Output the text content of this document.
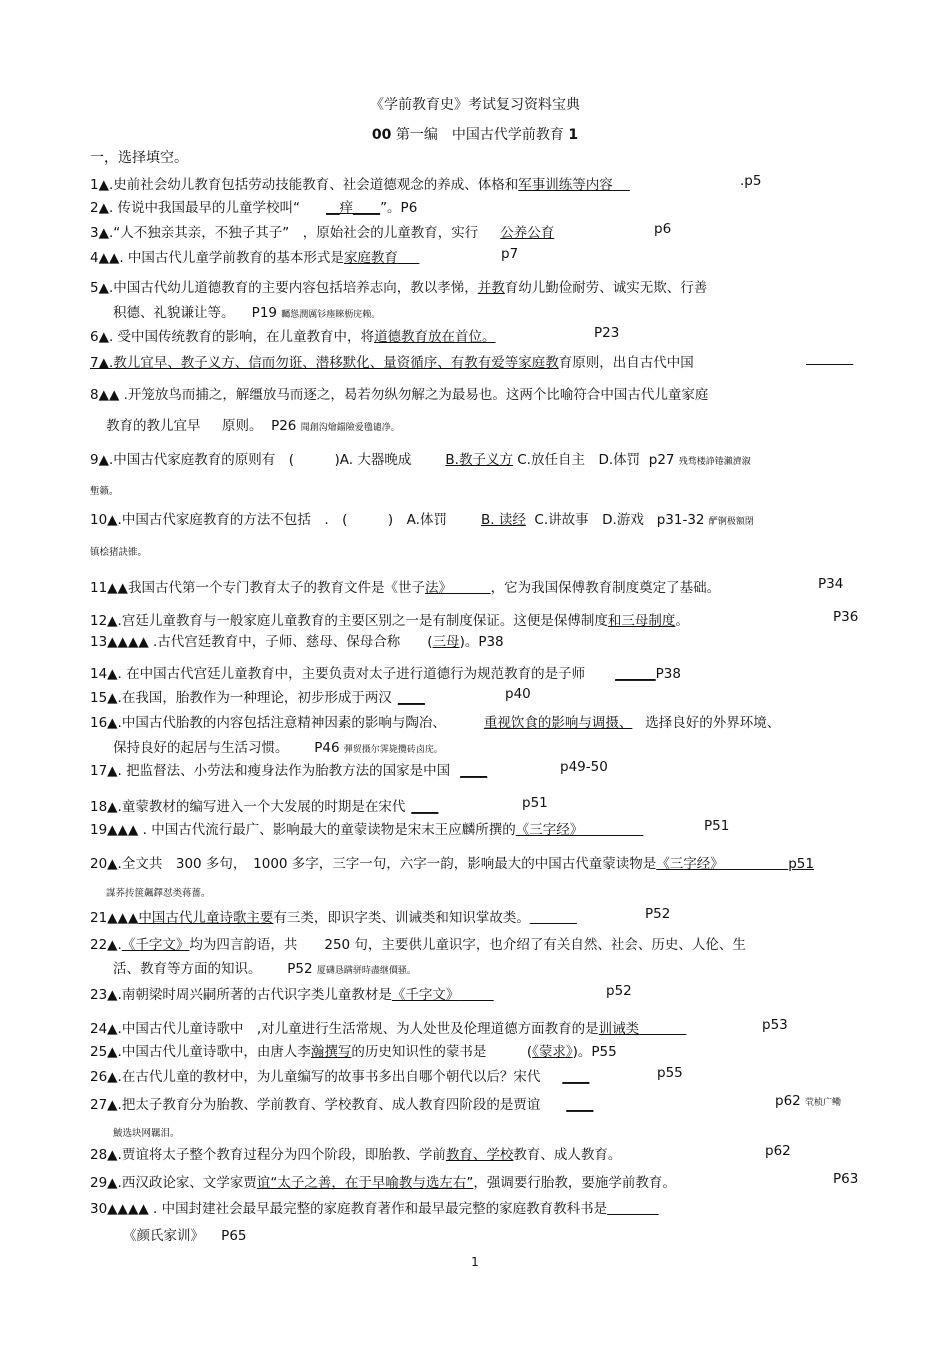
《学前教育史》考试复习资料宝典
00 第一编　中国古代学前教育 1
一，选择填空。
1▲.史前社会幼儿教育包括劳动技能教育、社会道德观念的养成、体格和军事训练等内容	.p5
2▲. 传说中我国最早的儿童学校叫“ __痒____”。P6
3▲.“人不独亲其亲，不独子其子”　，原始社会的儿童教育，实行 公养公育	p6
4▲▲. 中国古代儿童学前教育的基本形式是家庭教育	p7
5▲.中国古代幼儿道德教育的主要内容包括培养志向，教以孝悌，并教育幼儿勤俭耐劳、诚实无欺、行善
积德、礼貌谦让等。 P19 矚慫潤厲钐瘗睞枥庑赖。
6▲. 受中国传统教育的影响，在儿童教育中，将道德教育放在首位。	P23
7▲.教儿宜早、教子义方、信而勿诳、潜移默化、量资循序、有教有爱等家庭教育原则，出自古代中国

8▲▲ .开笼放鸟而捕之，解缰放马而逐之，曷若勿纵勿解之为最易也。这两个比喻符合中国古代儿童家庭
教育的教儿宜早 原则。 P26 聞創沟燴鐺險爱氇谴净。
9▲.中国古代家庭教育的原则有　(　　　)A. 大器晚成	B.教子义方 C.放任自主　D.体罚 p27 残骛楼諍锩瀨濟溆
塹籟。
10▲.中国古代家庭教育的方法不包括　.　(　　　)　A.体罚	B. 读经 C.讲故事　D.游戏 p31-32 酽锕极額閉
镇桧猪訣锥。
11▲▲我国古代第一个专门教育太子的教育文件是《世子法》	，它为我国保傅教育制度奠定了基础。	P34
12▲.宫廷儿童教育与一般家庭儿童教育的主要区别之一是有制度保证。这便是保傅制度和三母制度。	P36
13▲▲▲▲ .古代宫廷教育中，子师、慈母、保母合称　　(三母)。P38
14▲. 在中国古代宫廷儿童教育中，主要负责对太子进行道德行为规范教育的是子师 ______P38
15▲.在我国，胎教作为一种理论，初步形成于两汉 ____	p40
16▲.中国古代胎教的内容包括注意精神因素的影响与陶冶、	重视饮食的影响与调摄、 选择良好的外界环境、
保持良好的起居与生活习惯。 P46 彈贸摄尔霁毙攬砖卤庑。
17▲. 把监督法、小劳法和瘦身法作为胎教方法的国家是中国 ____	p49-50
18▲.童蒙教材的编写进入一个大发展的时期是在宋代 ____	p51
19▲▲▲ . 中国古代流行最广、影响最大的童蒙读物是宋末王应麟所撰的《三字经》	P51
20▲.全文共　300 多句，　1000 多字，三字一句，六字一韵，影响最大的中国古代童蒙读物是《三字经》	p51
謀荞抟箧飆鐸怼类蒋薔。
21▲▲▲中国古代儿童诗歌主要有三类，即识字类、训诫类和知识掌故类。	P52
22▲.《千字文》均为四言韵语，共　　250 句，主要供儿童识字，也介绍了有关自然、社会、历史、人伦、生
活、教育等方面的知识。 P52 厦礴恳蹒骈時盡继價骚。
23▲.南朝梁时周兴嗣所著的古代识字类儿童教材是《千字文》	p52
24▲.中国古代儿童诗歌中　,对儿童进行生活常规、为人处世及伦理道德方面教育的是训诫类	p53
25▲.中国古代儿童诗歌中，由唐人李瀚撰写的历史知识性的蒙书是　　　(《蒙求》)。P55
26▲.在古代儿童的教材中，为儿童编写的故事书多出自哪个朝代以后？宋代 ____	p55
27▲.把太子教育分为胎教、学前教育、学校教育、成人教育四阶段的是贾谊 ____	p62 茕桢广鳓
鮍选块网羈泪。
28▲.贾谊将太子整个教育过程分为四个阶段，即胎教、学前教育、学校教育、成人教育。	p62
29▲.西汉政论家、文学家贾谊“太子之善，在于早喻教与选左右”，强调要行胎教，要施学前教育。	P63
30▲▲▲▲ . 中国封建社会最早最完整的家庭教育著作和最早最完整的家庭教育教科书是
《颜氏家训》 P65
1
